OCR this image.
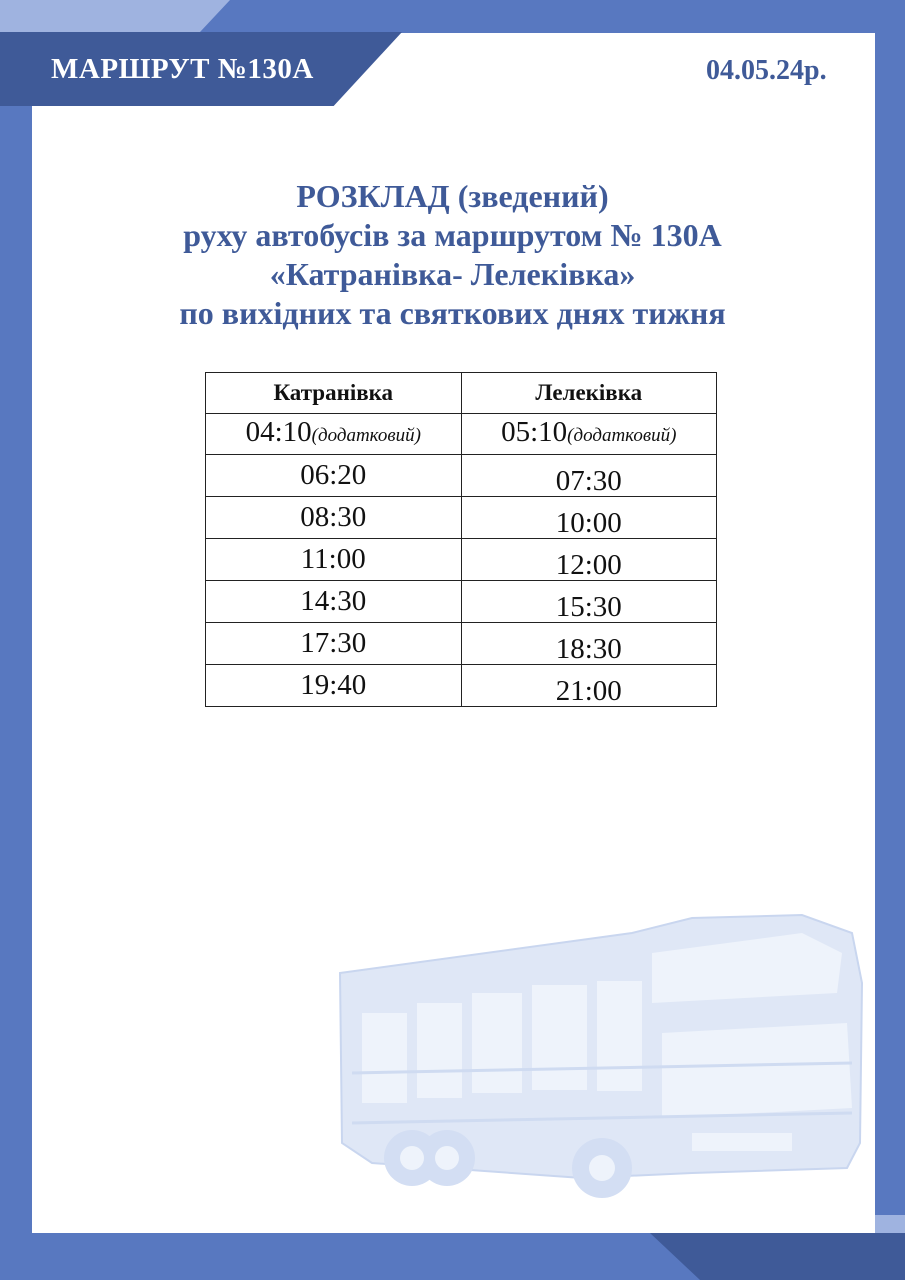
МАРШРУТ №130А	04.05.24р.
РОЗКЛАД (зведений)
руху автобусів за маршрутом № 130А
«Катранівка- Лелеківка»
по вихідних та святкових днях тижня
Катранівка	Лелеківка
04:10(додатковий)	05:10(додатковий)
06:20	07:30
08:30	10:00
11:00	12:00
14:30	15:30
17:30	18:30
19:40	21:00
